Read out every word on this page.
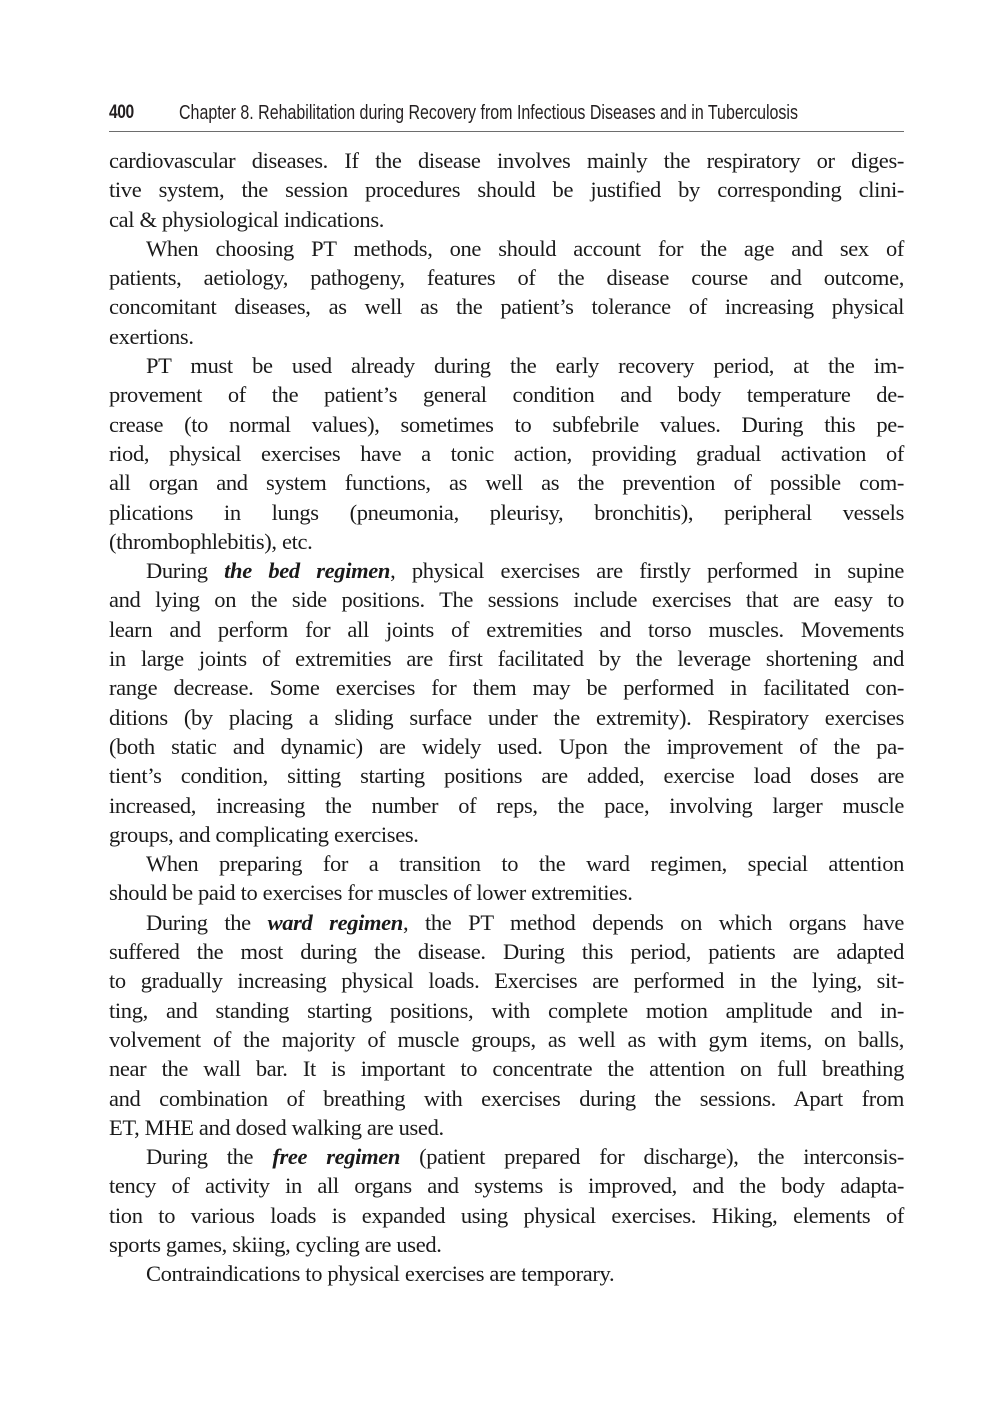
400 Chapter 8. Rehabilitation during Recovery from Infectious Diseases and in Tuberculosis
cardiovascular diseases. If the disease involves mainly the respiratory or diges-
tive system, the session procedures should be justified by corresponding clini-
cal & physiological indications.
When choosing PT methods, one should account for the age and sex of
patients, aetiology, pathogeny, features of the disease course and outcome,
concomitant diseases, as well as the patient’s tolerance of increasing physical
exertions.
PT must be used already during the early recovery period, at the im-
provement of the patient’s general condition and body temperature de-
crease (to normal values), sometimes to subfebrile values. During this pe-
riod, physical exercises have a tonic action, providing gradual activation of
all organ and system functions, as well as the prevention of possible com-
plications in lungs (pneumonia, pleurisy, bronchitis), peripheral vessels
(thrombophlebitis), etc.
During the bed regimen, physical exercises are firstly performed in supine
and lying on the side positions. The sessions include exercises that are easy to
learn and perform for all joints of extremities and torso muscles. Movements
in large joints of extremities are first facilitated by the leverage shortening and
range decrease. Some exercises for them may be performed in facilitated con-
ditions (by placing a sliding surface under the extremity). Respiratory exercises
(both static and dynamic) are widely used. Upon the improvement of the pa-
tient’s condition, sitting starting positions are added, exercise load doses are
increased, increasing the number of reps, the pace, involving larger muscle
groups, and complicating exercises.
When preparing for a transition to the ward regimen, special attention
should be paid to exercises for muscles of lower extremities.
During the ward regimen, the PT method depends on which organs have
suffered the most during the disease. During this period, patients are adapted
to gradually increasing physical loads. Exercises are performed in the lying, sit-
ting, and standing starting positions, with complete motion amplitude and in-
volvement of the majority of muscle groups, as well as with gym items, on balls,
near the wall bar. It is important to concentrate the attention on full breathing
and combination of breathing with exercises during the sessions. Apart from
ET, MHE and dosed walking are used.
During the free regimen (patient prepared for discharge), the interconsis-
tency of activity in all organs and systems is improved, and the body adapta-
tion to various loads is expanded using physical exercises. Hiking, elements of
sports games, skiing, cycling are used.
Contraindications to physical exercises are temporary.
